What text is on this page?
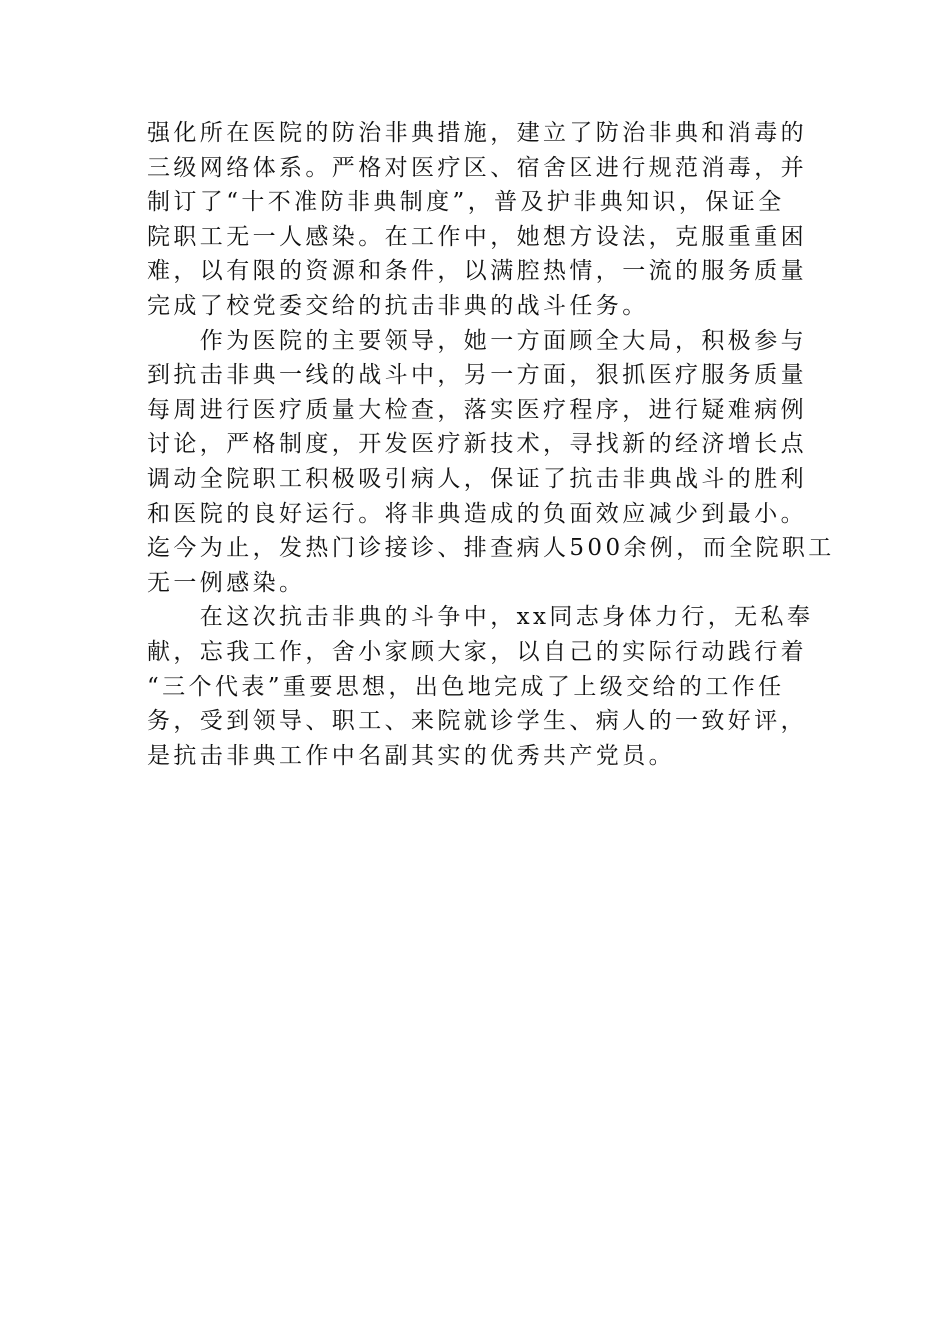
强化所在医院的防治非典措施，建立了防治非典和消毒的

三级网络体系。严格对医疗区、宿舍区进行规范消毒，并

制订了“十不准防非典制度”，普及护非典知识，保证全

院职工无一人感染。在工作中，她想方设法，克服重重困

难，以有限的资源和条件，以满腔热情，一流的服务质量

完成了校党委交给的抗击非典的战斗任务。

　　作为医院的主要领导，她一方面顾全大局，积极参与

到抗击非典一线的战斗中，另一方面，狠抓医疗服务质量

每周进行医疗质量大检查，落实医疗程序，进行疑难病例

讨论，严格制度，开发医疗新技术，寻找新的经济增长点

调动全院职工积极吸引病人，保证了抗击非典战斗的胜利

和医院的良好运行。将非典造成的负面效应减少到最小。

迄今为止，发热门诊接诊、排查病人500余例，而全院职工

无一例感染。

　　在这次抗击非典的斗争中，xx同志身体力行，无私奉

献，忘我工作，舍小家顾大家，以自己的实际行动践行着

“三个代表”重要思想，出色地完成了上级交给的工作任

务，受到领导、职工、来院就诊学生、病人的一致好评，

是抗击非典工作中名副其实的优秀共产党员。
